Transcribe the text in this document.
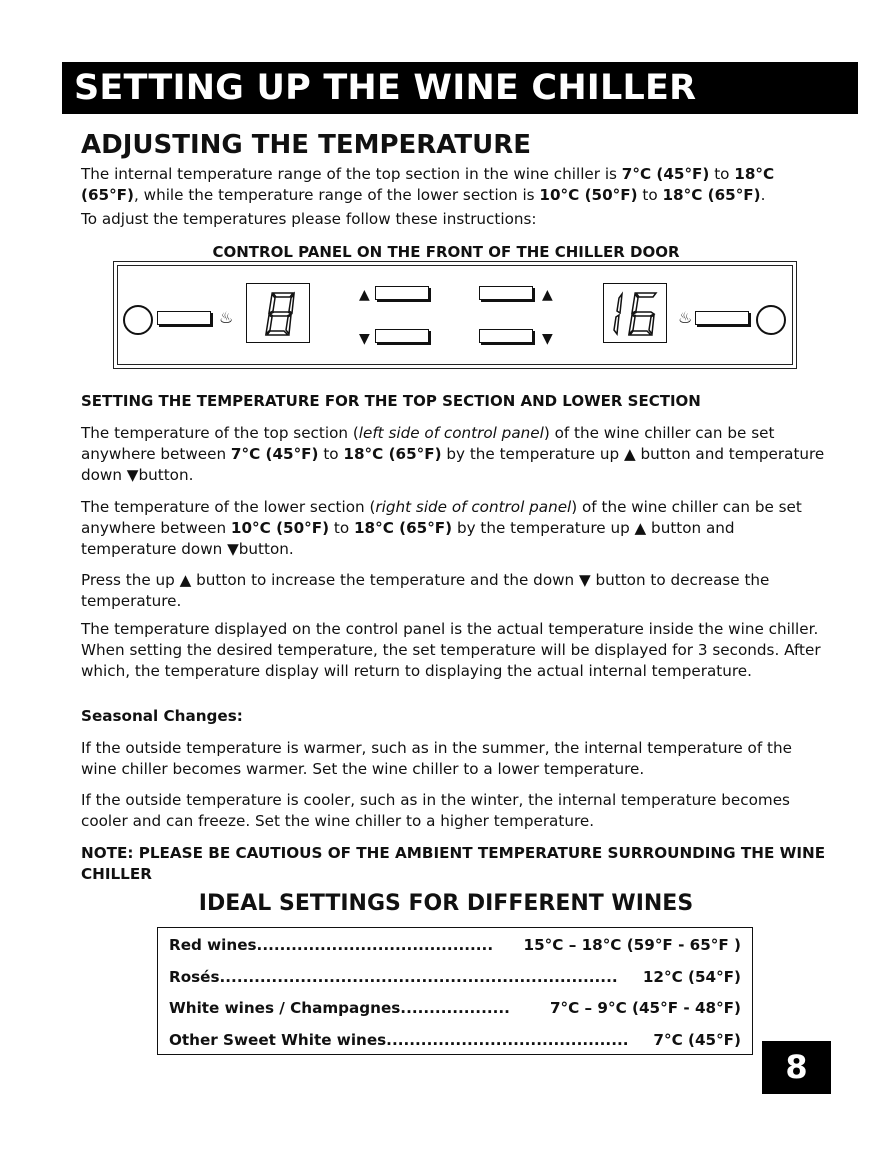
SETTING UP THE WINE CHILLER
ADJUSTING THE TEMPERATURE
The internal temperature range of the top section in the wine chiller is 7°C (45°F) to 18°C (65°F), while the temperature range of the lower section is 10°C (50°F) to 18°C (65°F).
To adjust the temperatures please follow these instructions:
CONTROL PANEL ON THE FRONT OF THE CHILLER DOOR
♨
▲
▼
▲
▼
♨
SETTING THE TEMPERATURE FOR THE TOP SECTION AND LOWER SECTION
The temperature of the top section (left side of control panel) of the wine chiller can be set anywhere between 7°C (45°F) to 18°C (65°F) by the temperature up ▲ button and temperature down ▼button.
The temperature of the lower section (right side of control panel) of the wine chiller can be set anywhere between 10°C (50°F) to 18°C (65°F) by the temperature up ▲ button and temperature down ▼button.
Press the up ▲ button to increase the temperature and the down ▼ button to decrease the temperature.
The temperature displayed on the control panel is the actual temperature inside the wine chiller. When setting the desired temperature, the set temperature will be displayed for 3 seconds. After which, the temperature display will return to displaying the actual internal temperature.
Seasonal Changes:
If the outside temperature is warmer, such as in the summer, the internal temperature of the wine chiller becomes warmer. Set the wine chiller to a lower temperature.
If the outside temperature is cooler, such as in the winter, the internal temperature becomes cooler and can freeze. Set the wine chiller to a higher temperature.
NOTE: PLEASE BE CAUTIOUS OF THE AMBIENT TEMPERATURE SURROUNDING THE WINE CHILLER
IDEAL SETTINGS FOR DIFFERENT WINES
Red wines......................................... 15°C – 18°C (59°F - 65°F )
Rosés..................................................................... 12°C (54°F)
White wines / Champagnes...................	7°C – 9°C (45°F - 48°F)
Other Sweet White wines.......................................... 7°C (45°F)
8
